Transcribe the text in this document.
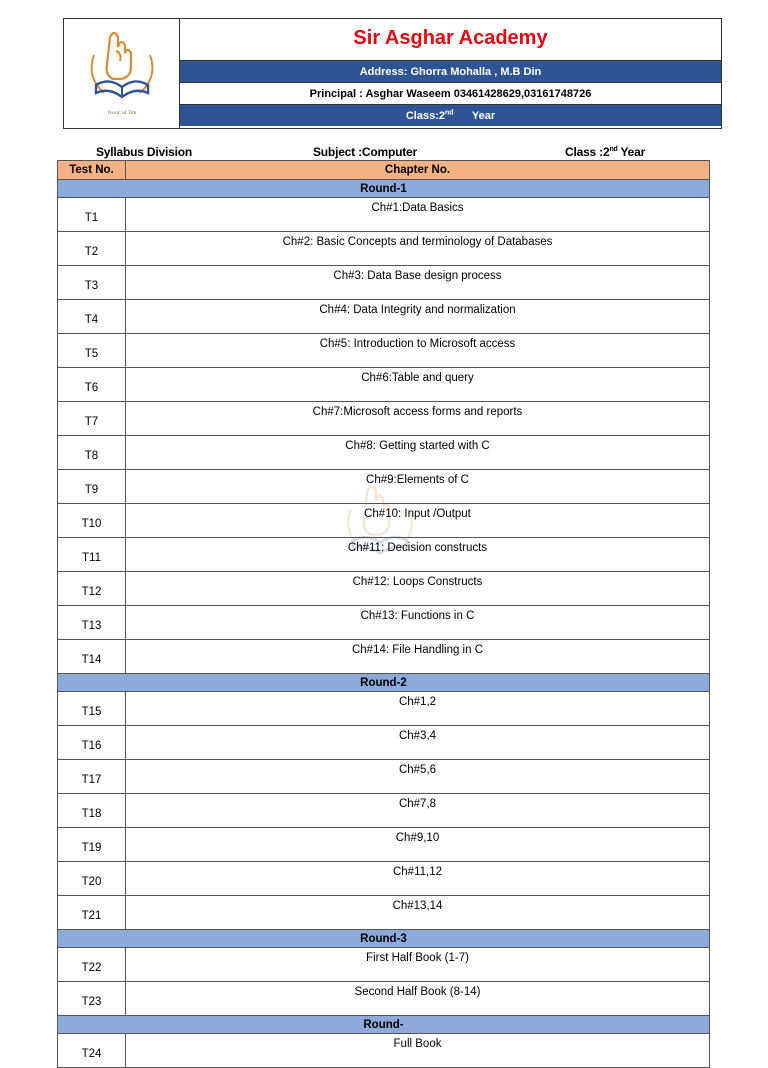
Noor ul Ilm
Sir Asghar Academy
Address: Ghorra Mohalla , M.B Din
Principal : Asghar Waseem 03461428629,03161748726
Class:2nd Year
Syllabus Division	Subject :Computer	Class :2nd Year
Test No.	Chapter No.
Round-1	
T1	Ch#1:Data Basics
T2	Ch#2: Basic Concepts and terminology of Databases
T3	Ch#3: Data Base design process
T4	Ch#4: Data Integrity and normalization
T5	Ch#5: Introduction to Microsoft access
T6	Ch#6:Table and query
T7	Ch#7:Microsoft access forms and reports
T8	Ch#8: Getting started with C
T9	Ch#9:Elements of C
T10	Ch#10: Input /Output
T11	Ch#11: Decision constructs
T12	Ch#12: Loops Constructs
T13	Ch#13: Functions in C
T14	Ch#14: File Handling in C
Round-2	
T15	Ch#1,2
T16	Ch#3,4
T17	Ch#5,6
T18	Ch#7,8
T19	Ch#9,10
T20	Ch#11,12
T21	Ch#13,14
Round-3	
T22	First Half Book (1-7)
T23	Second Half Book (8-14)
Round-	
T24	Full Book
